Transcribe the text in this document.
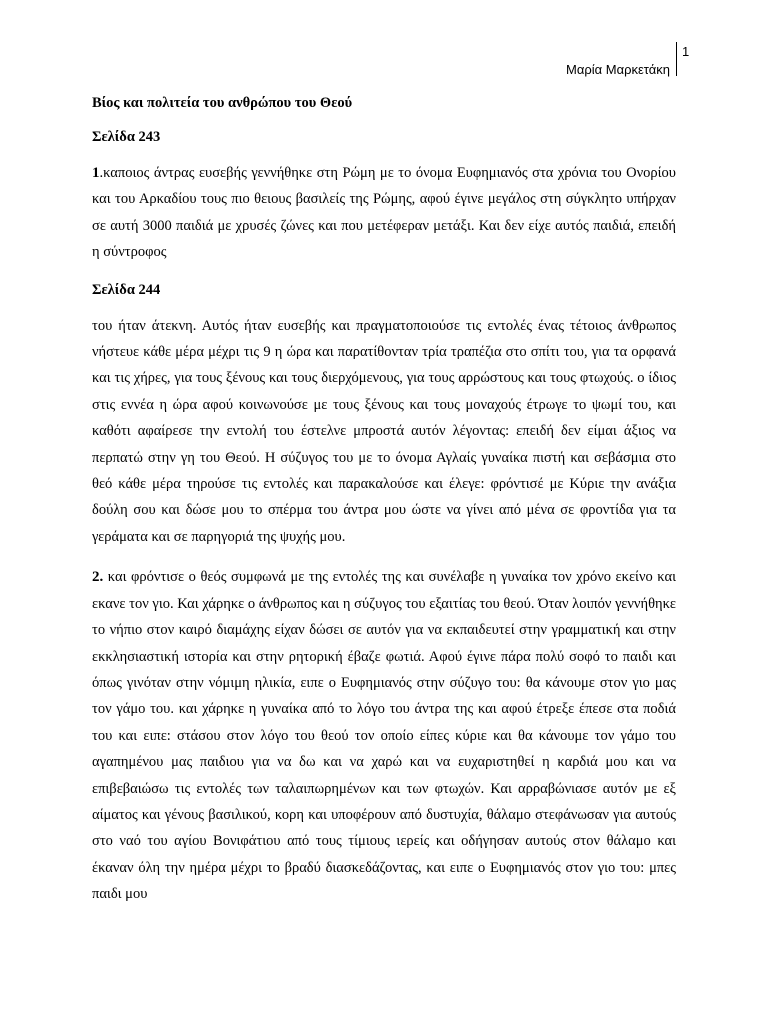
1
Μαρία Μαρκετάκη

Βίος και πολιτεία του ανθρώπου του Θεού

Σελίδα 243

1.καποιος άντρας ευσεβής γεννήθηκε στη Ρώμη με το όνομα Ευφημιανός στα χρόνια του Ονορίου και του Αρκαδίου τους πιο θειους βασιλείς της Ρώμης, αφού έγινε μεγάλος στη σύγκλητο υπήρχαν σε αυτή 3000 παιδιά με χρυσές ζώνες και που μετέφεραν μετάξι. Και δεν είχε αυτός παιδιά, επειδή η σύντροφος

Σελίδα 244

του ήταν άτεκνη. Αυτός ήταν ευσεβής και πραγματοποιούσε τις εντολές ένας τέτοιος άνθρωπος νήστευε κάθε μέρα μέχρι τις 9 η ώρα και παρατίθονταν τρία τραπέζια στο σπίτι του, για τα ορφανά και τις χήρες, για τους ξένους και τους διερχόμενους, για τους αρρώστους και τους φτωχούς. ο ίδιος στις εννέα η ώρα αφού κοινωνούσε με τους ξένους και τους μοναχούς έτρωγε το ψωμί του, και καθότι αφαίρεσε την εντολή του έστελνε μπροστά αυτόν λέγοντας: επειδή δεν είμαι άξιος να περπατώ στην γη του Θεού. Η σύζυγος του με το όνομα Αγλαίς γυναίκα πιστή και σεβάσμια στο θεό κάθε μέρα τηρούσε τις εντολές και παρακαλούσε και έλεγε: φρόντισέ με Κύριε την ανάξια δούλη σου και δώσε μου το σπέρμα του άντρα μου ώστε να γίνει από μένα σε φροντίδα για τα γεράματα και σε παρηγοριά της ψυχής μου.

2. και φρόντισε ο θεός συμφωνά με της εντολές της και συνέλαβε η γυναίκα τον χρόνο εκείνο και εκανε τον γιο. Και χάρηκε ο άνθρωπος και η σύζυγος του εξαιτίας του θεού. Όταν λοιπόν γεννήθηκε το νήπιο στον καιρό διαμάχης είχαν δώσει σε αυτόν για να εκπαιδευτεί στην γραμματική και στην εκκλησιαστική ιστορία και στην ρητορική έβαζε φωτιά. Αφού έγινε πάρα πολύ σοφό το παιδι και όπως γινόταν στην νόμιμη ηλικία, ειπε ο Ευφημιανός στην σύζυγο του: θα κάνουμε στον γιο μας τον γάμο του. και χάρηκε η γυναίκα από το λόγο του άντρα της και αφού έτρεξε έπεσε στα ποδιά του και ειπε: στάσου στον λόγο του θεού τον οποίο είπες κύριε και θα κάνουμε τον γάμο του αγαπημένου μας παιδιου για να δω και να χαρώ και να ευχαριστηθεί η καρδιά μου και να επιβεβαιώσω τις εντολές των ταλαιπωρημένων και των φτωχών. Και αρραβώνιασε αυτόν με εξ αίματος και γένους βασιλικού, κορη και υποφέρουν από δυστυχία, θάλαμο στεφάνωσαν για αυτούς στο ναό του αγίου Βονιφάτιου από τους τίμιους ιερείς και οδήγησαν αυτούς στον θάλαμο και έκαναν όλη την ημέρα μέχρι το βραδύ διασκεδάζοντας, και ειπε ο Ευφημιανός στον γιο του: μπες παιδι μου
